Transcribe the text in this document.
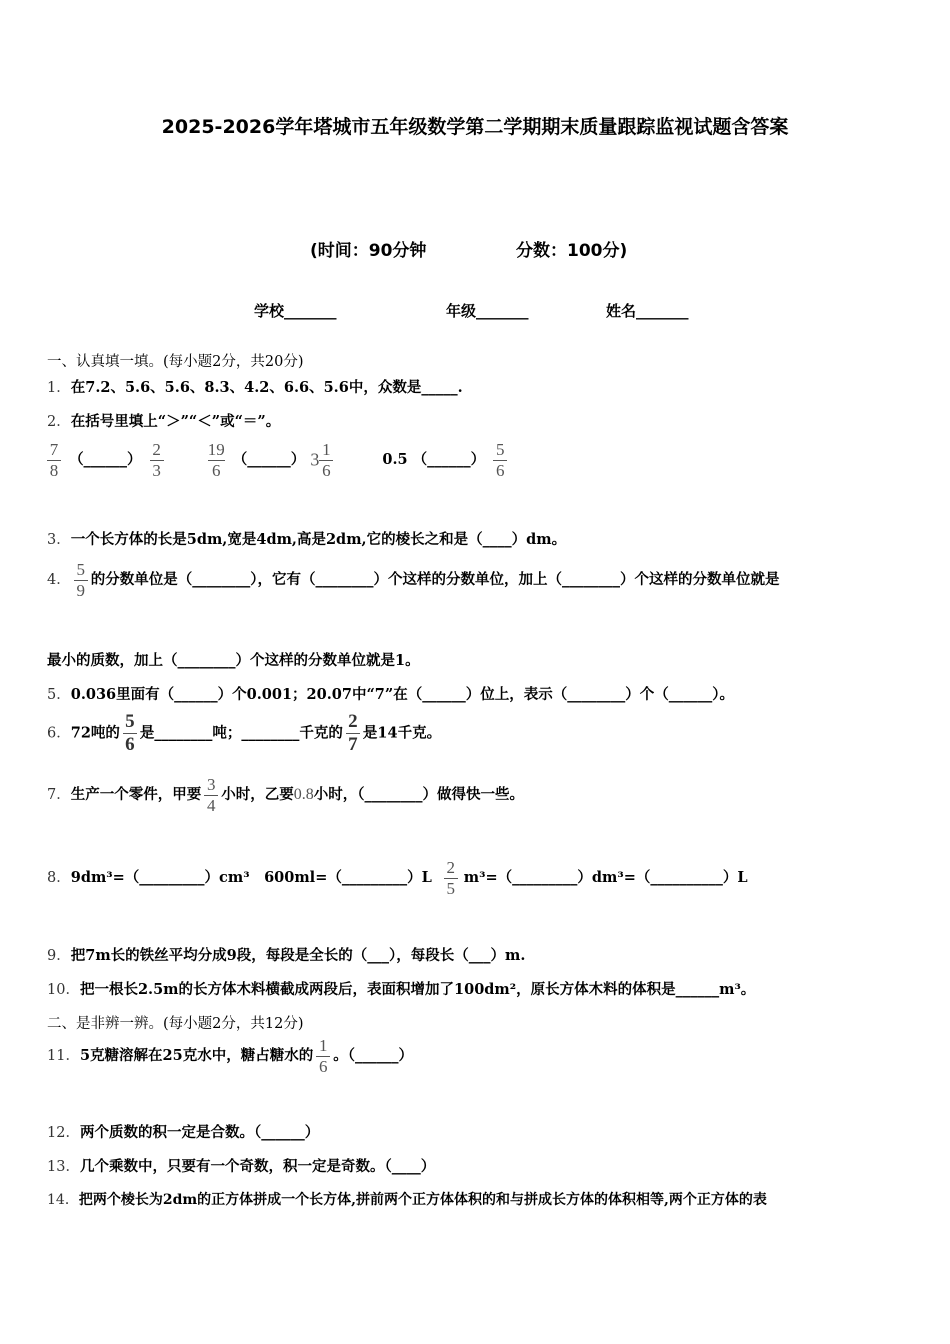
2025-2026学年塔城市五年级数学第二学期期末质量跟踪监视试题含答案
(时间：90分钟	分数：100分)
学校_______	年级_______	姓名_______
一、认真填一填。(每小题2分，共20分)
1．在7.2、5.6、5.6、8.3、4.2、6.6、5.6中，众数是_____.
2．在括号里填上“＞”“＜”或“＝”。
$\frac{7}{8}$ （______） $\frac{2}{3}$
	$\frac{19}{6}$ （______） $3 \frac{1}{6}$	0.5 （______） $\frac{5}{6}$
3．一个长方体的长是5dm,宽是4dm,高是2dm,它的棱长之和是（____）dm。
4． $\frac{5}{9}$ 的分数单位是（________），它有（________）个这样的分数单位，加上（________）个这样的分数单位就是
最小的质数，加上（________）个这样的分数单位就是1。
5．0.036里面有（______）个0.001；20.07中“7”在（______）位上，表示（________）个（______）。
6．72吨的 $\frac{5}{6}$ 是________吨；________千克的 $\frac{2}{7}$ 是14千克。
7．生产一个零件，甲要 $\frac{3}{4}$ 小时，乙要0.8小时，（________）做得快一些。
8．9dm³=（_________）cm³　600ml=（_________）L $\frac{2}{5}$ m³=（_________）dm³=（__________）L
9．把7m长的铁丝平均分成9段，每段是全长的（___），每段长（___）m.
10．把一根长2.5m的长方体木料横截成两段后，表面积增加了100dm²，原长方体木料的体积是______m³。
二、是非辨一辨。(每小题2分，共12分)
11．5克糖溶解在25克水中，糖占糖水的 $\frac{1}{6}$ 。（______）
12．两个质数的积一定是合数。（______）
13．几个乘数中，只要有一个奇数，积一定是奇数。（____）
14．把两个棱长为2dm的正方体拼成一个长方体,拼前两个正方体体积的和与拼成长方体的体积相等,两个正方体的表
